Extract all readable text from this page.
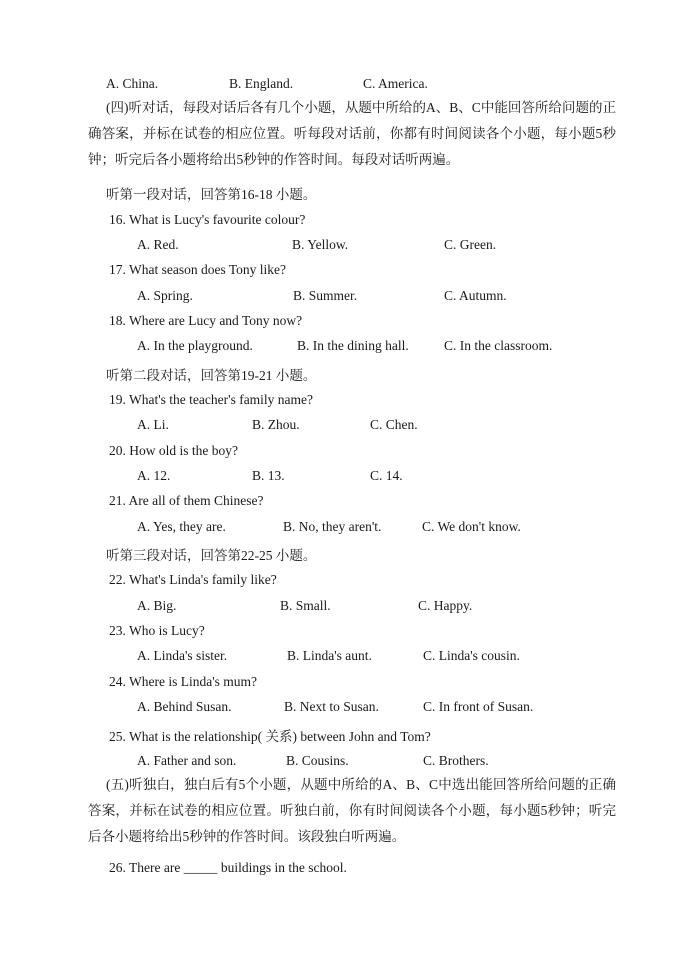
A. China.	B. England.	C. America.
(四)听对话，每段对话后各有几个小题，从题中所给的A、B、C中能回答所给问题的正确答案，并标在试卷的相应位置。听每段对话前，你都有时间阅读各个小题，每小题5秒钟；听完后各小题将给出5秒钟的作答时间。每段对话听两遍。
听第一段对话，回答第16-18 小题。
16. What is Lucy's favourite colour?
A. Red.	B. Yellow.	C. Green.
17. What season does Tony like?
A. Spring.	B. Summer.	C. Autumn.
18. Where are Lucy and Tony now?
A. In the playground.	B. In the dining hall.	C. In the classroom.
听第二段对话，回答第19-21 小题。
19. What's the teacher's family name?
A. Li.	B. Zhou.	C. Chen.
20. How old is the boy?
A. 12.	B. 13.	C. 14.
21. Are all of them Chinese?
A. Yes, they are.	B. No, they aren't.	C. We don't know.
听第三段对话，回答第22-25 小题。
22. What's Linda's family like?
A. Big.	B. Small.	C. Happy.
23. Who is Lucy?
A. Linda's sister.	B. Linda's aunt.	C. Linda's cousin.
24. Where is Linda's mum?
A. Behind Susan.	B. Next to Susan.	C. In front of Susan.
25. What is the relationship( 关系) between John and Tom?
A. Father and son.	B. Cousins.	C. Brothers.
(五)听独白，独白后有5个小题，从题中所给的A、B、C中选出能回答所给问题的正确答案，并标在试卷的相应位置。听独白前，你有时间阅读各个小题，每小题5秒钟；听完后各小题将给出5秒钟的作答时间。该段独白听两遍。
26. There are _____ buildings in the school.
